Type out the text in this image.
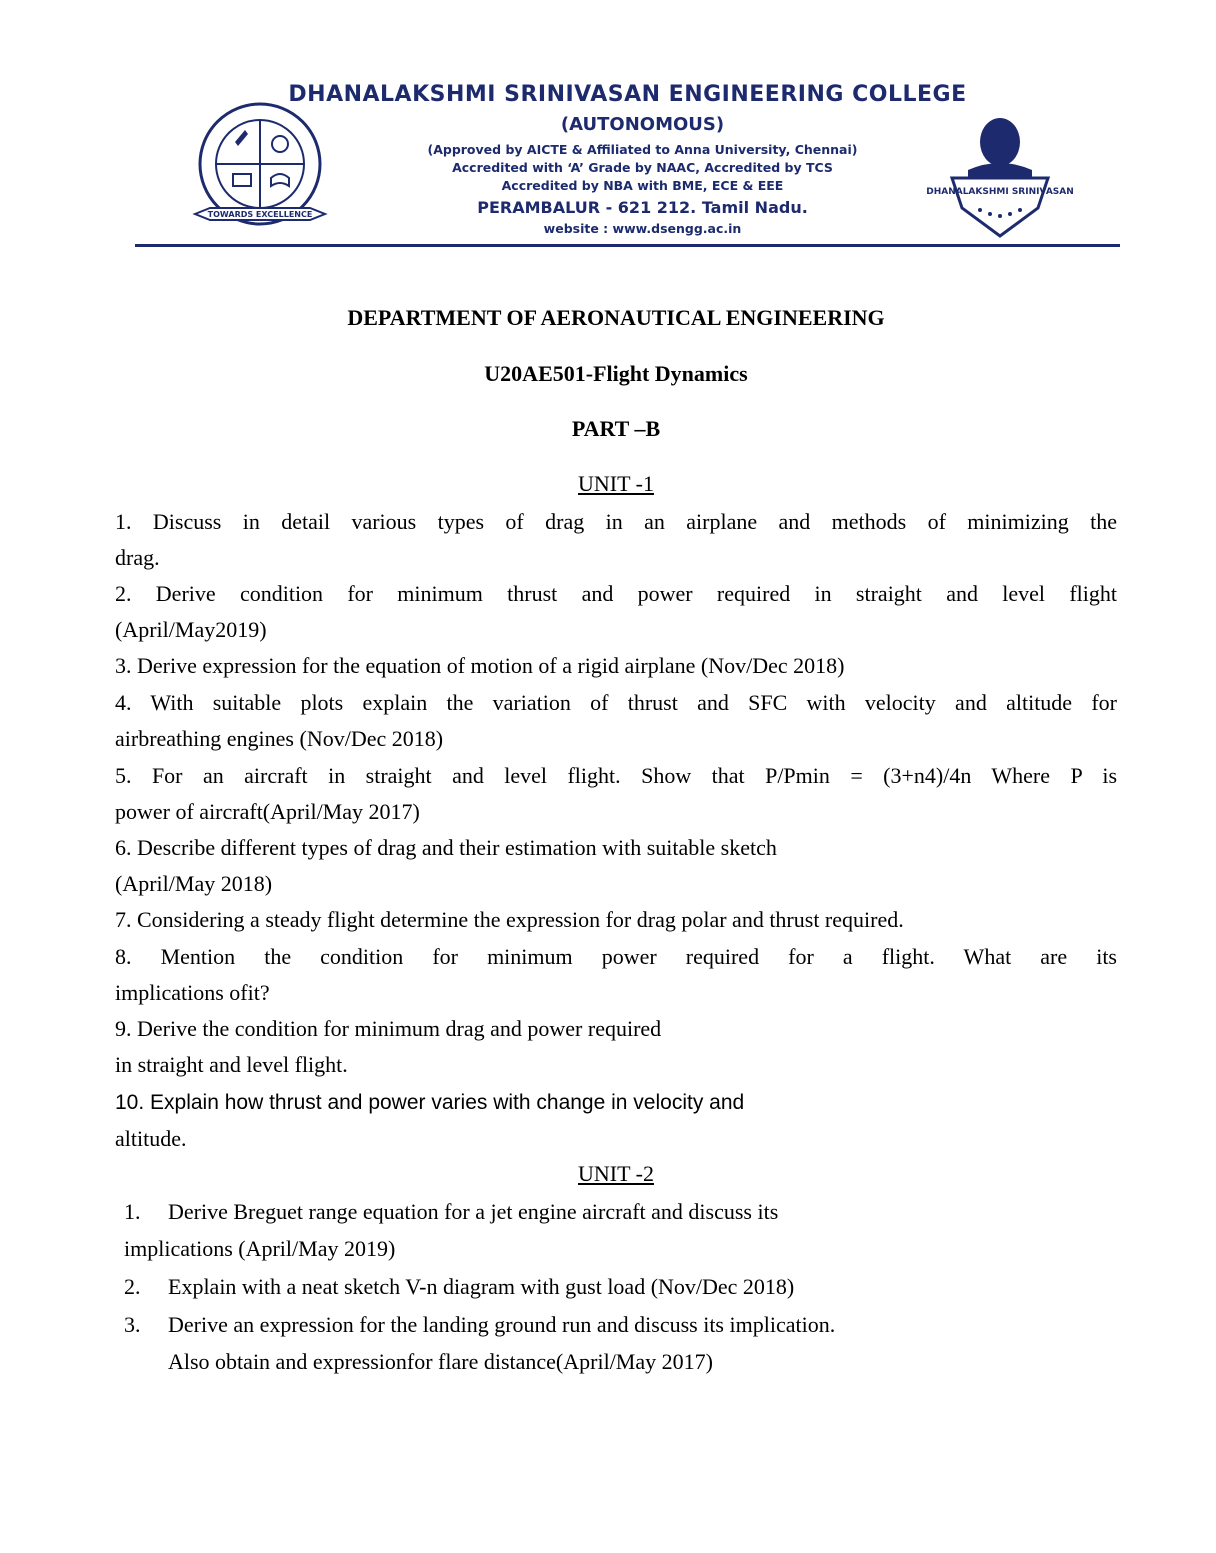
TOWARDS EXCELLENCE
DHANALAKSHMI SRINIVASAN
DHANALAKSHMI SRINIVASAN ENGINEERING COLLEGE
(AUTONOMOUS)
(Approved by AICTE & Affiliated to Anna University, Chennai)
Accredited with ‘A’ Grade by NAAC, Accredited by TCS
Accredited by NBA with BME, ECE & EEE
PERAMBALUR - 621 212. Tamil Nadu.
website : www.dsengg.ac.in
DEPARTMENT OF AERONAUTICAL ENGINEERING
U20AE501-Flight Dynamics
PART –B
UNIT -1
1. Discuss in detail various types of drag in an airplane and methods of minimizing the
drag.
2. Derive condition for minimum thrust and power required in straight and level flight
(April/May2019)
3. Derive expression for the equation of motion of a rigid airplane (Nov/Dec 2018)
4. With suitable plots explain the variation of thrust and SFC with velocity and altitude for
airbreathing engines (Nov/Dec 2018)
5. For an aircraft in straight and level flight. Show that P/Pmin = (3+n4)/4n Where P is
power of aircraft(April/May 2017)
6. Describe different types of drag and their estimation with suitable sketch
(April/May 2018)
7. Considering a steady flight determine the expression for drag polar and thrust required.
8. Mention the condition for minimum power required for a flight. What are its
implications ofit?
9. Derive the condition for minimum drag and power required
in straight and level flight.
10. Explain how thrust and power varies with change in velocity and
altitude.
UNIT -2
1. Derive Breguet range equation for a jet engine aircraft and discuss its
implications (April/May 2019)
2. Explain with a neat sketch V-n diagram with gust load (Nov/Dec 2018)
3. Derive an expression for the landing ground run and discuss its implication.
Also obtain and expressionfor flare distance(April/May 2017)
